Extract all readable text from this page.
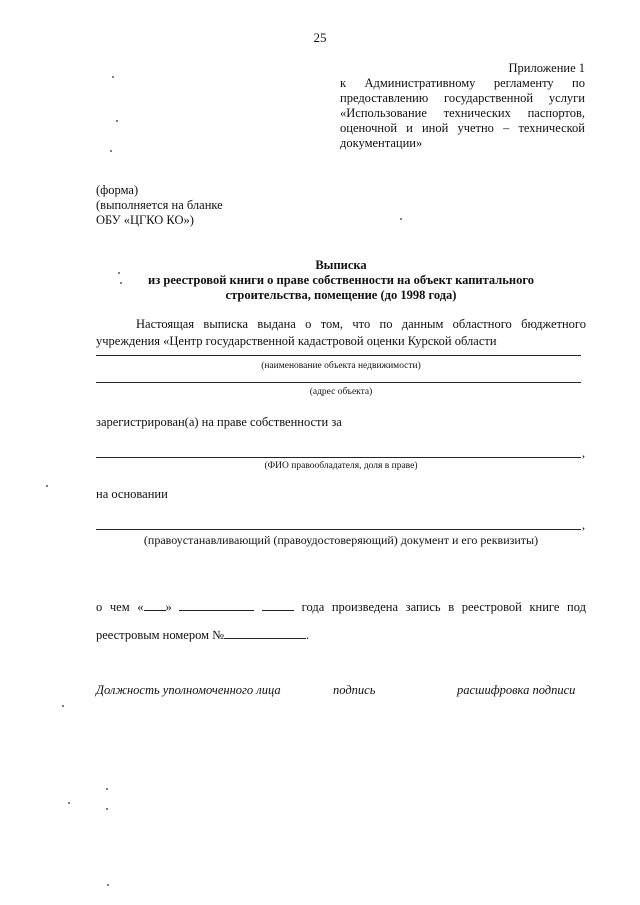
25
Приложение 1
к Административному регламенту по
предоставлению государственной услуги
«Использование технических паспортов,
оценочной и иной учетно – технической
документации»
(форма)
(выполняется на бланке
ОБУ «ЦГКО КО»)
Выписка
из реестровой книги о праве собственности на объект капитального
строительства, помещение (до 1998 года)
Настоящая выписка выдана о том, что по данным областного бюджетного
учреждения «Центр государственной кадастровой оценки Курской области
(наименование объекта недвижимости)
(адрес объекта)
зарегистрирован(а) на праве собственности за
,
(ФИО правообладателя, доля в праве)
на основании
,
(правоустанавливающий (правоудостоверяющий) документ и его реквизиты)
о чем « »	года произведена запись в реестровой книге под
реестровым номером №	.
Должность уполномоченного лица	подпись	расшифровка подписи
